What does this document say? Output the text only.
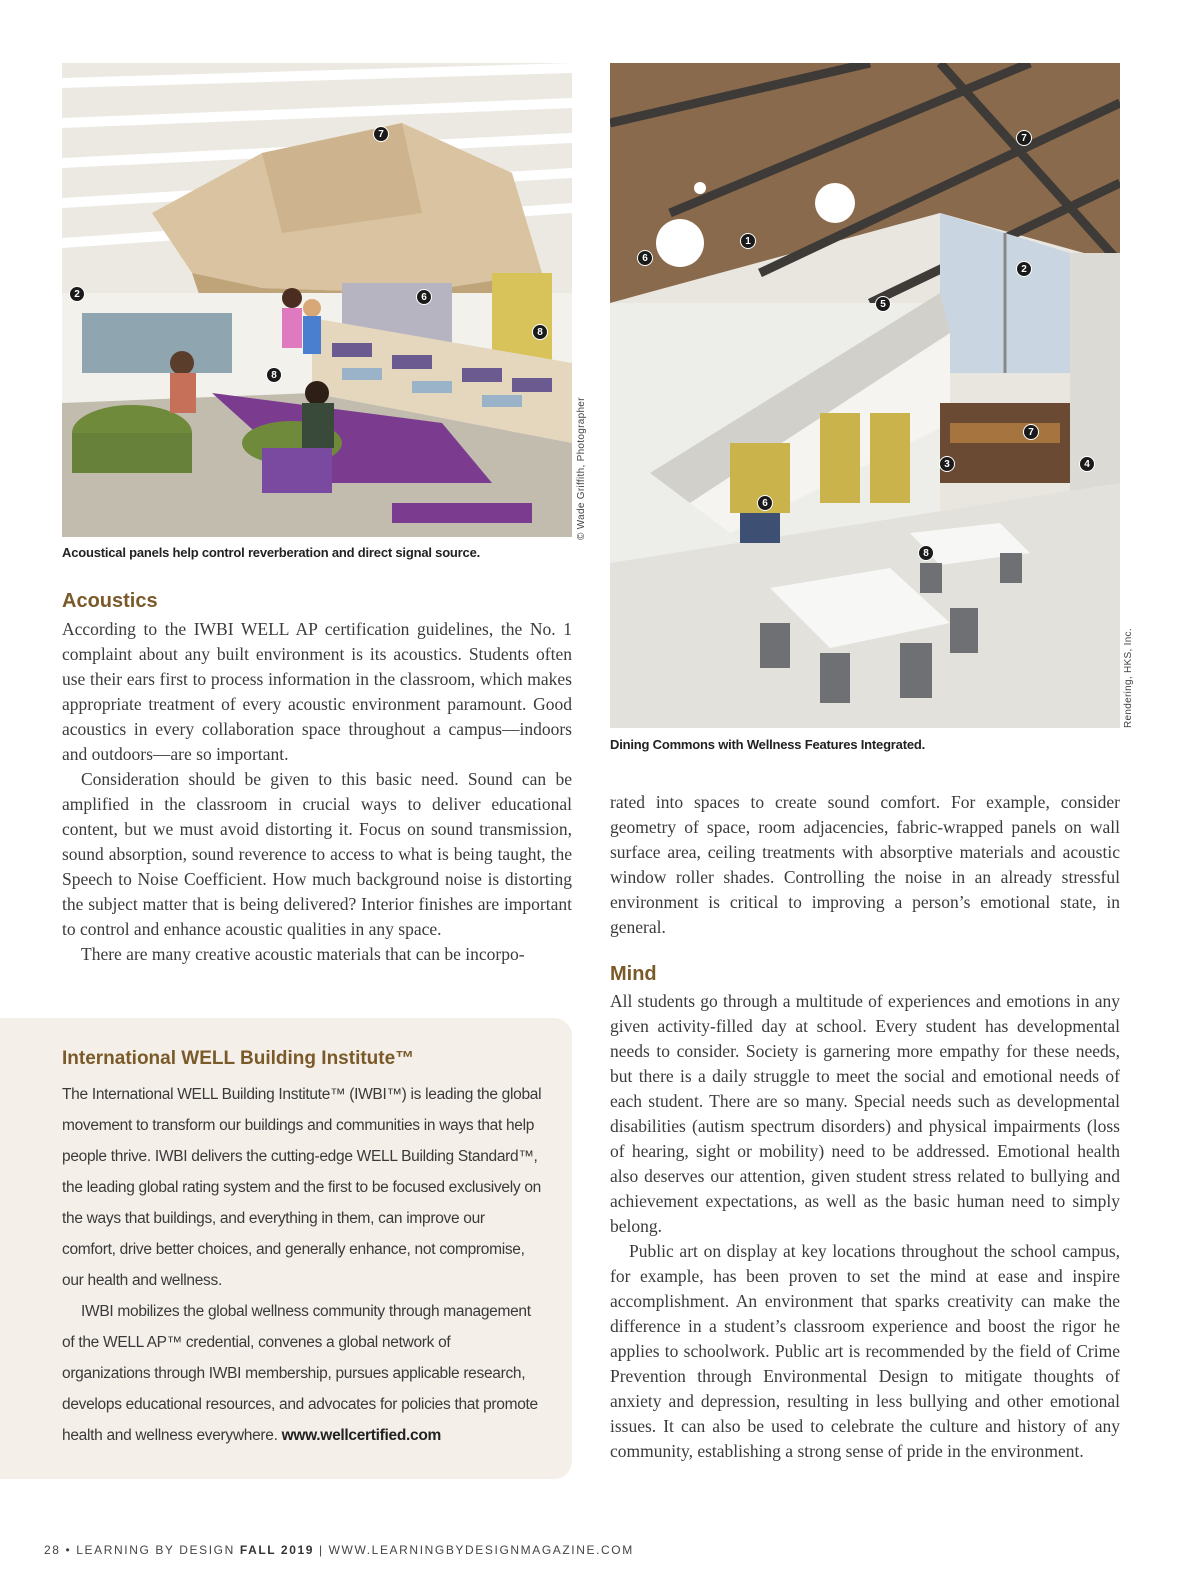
7
2	6
8
8
© Wade Griffith, Photographer
Acoustical panels help control reverberation and direct signal source.
7
1
6
2
5
7
3	4
6
8
Rendering, HKS, Inc.
Dining Commons with Wellness Features Integrated.
Acoustics

According to the IWBI WELL AP certification guidelines, the No. 1 complaint about any built environment is its acoustics. Students often use their ears first to process information in the classroom, which makes appropriate treatment of every acoustic environment paramount. Good acoustics in every collaboration space throughout a campus—indoors and outdoors—are so important.

Consideration should be given to this basic need. Sound can be amplified in the classroom in crucial ways to deliver educational content, but we must avoid distorting it. Focus on sound transmission, sound absorption, sound reverence to access to what is being taught, the Speech to Noise Coefficient. How much background noise is distorting the subject matter that is being delivered? Interior finishes are important to control and enhance acoustic qualities in any space.

There are many creative acoustic materials that can be incorpo-

rated into spaces to create sound comfort. For example, consider geometry of space, room adjacencies, fabric-wrapped panels on wall surface area, ceiling treatments with absorptive materials and acoustic window roller shades. Controlling the noise in an already stressful environment is critical to improving a person’s emotional state, in general.

Mind

All students go through a multitude of experiences and emotions in any given activity-filled day at school. Every student has developmental needs to consider. Society is garnering more empathy for these needs, but there is a daily struggle to meet the social and emotional needs of each student. There are so many. Special needs such as developmental disabilities (autism spectrum disorders) and physical impairments (loss of hearing, sight or mobility) need to be addressed. Emotional health also deserves our attention, given student stress related to bullying and achievement expectations, as well as the basic human need to simply belong.

Public art on display at key locations throughout the school campus, for example, has been proven to set the mind at ease and inspire accomplishment. An environment that sparks creativity can make the difference in a student’s classroom experience and boost the rigor he applies to schoolwork. Public art is recommended by the field of Crime Prevention through Environmental Design to mitigate thoughts of anxiety and depression, resulting in less bullying and other emotional issues. It can also be used to celebrate the culture and history of any community, establishing a strong sense of pride in the environment.

International WELL Building Institute™

The International WELL Building Institute™ (IWBI™) is leading the global movement to transform our buildings and communities in ways that help people thrive. IWBI delivers the cutting-edge WELL Building Standard™, the leading global rating system and the first to be focused exclusively on the ways that buildings, and everything in them, can improve our comfort, drive better choices, and generally enhance, not compromise, our health and wellness.

IWBI mobilizes the global wellness community through management of the WELL AP™ credential, convenes a global network of organizations through IWBI membership, pursues applicable research, develops educational resources, and advocates for policies that promote health and wellness everywhere. www.wellcertified.com

28 • LEARNING BY DESIGN FALL 2019 | WWW.LEARNINGBYDESIGNMAGAZINE.COM
